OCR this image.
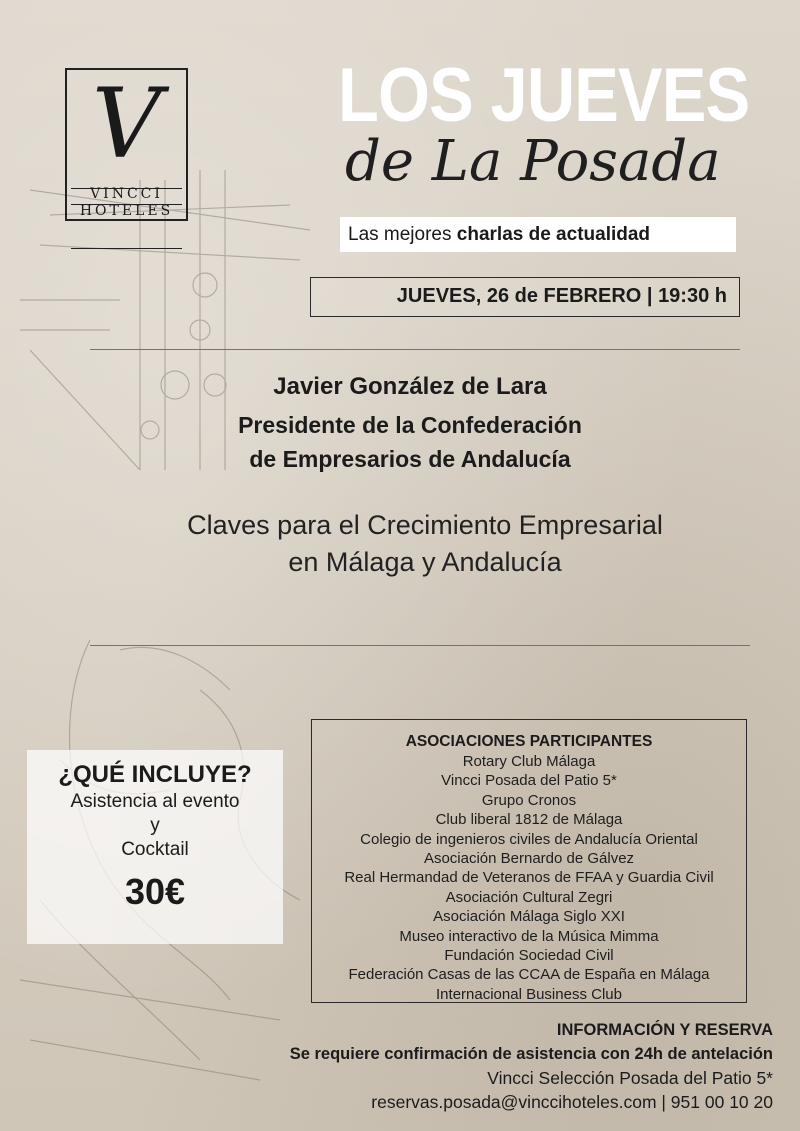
V
VINCCI
HOTELES
LOS JUEVES
de La Posada
Las mejores charlas de actualidad
JUEVES, 26 de FEBRERO | 19:30 h
Javier González de Lara
Presidente de la Confederación
de Empresarios de Andalucía
Claves para el Crecimiento Empresarial
en Málaga y Andalucía
¿QUÉ INCLUYE?
Asistencia al evento
y
Cocktail
30€
ASOCIACIONES PARTICIPANTES
Rotary Club Málaga
Vincci Posada del Patio 5*
Grupo Cronos
Club liberal 1812 de Málaga
Colegio de ingenieros civiles de Andalucía Oriental
Asociación Bernardo de Gálvez
Real Hermandad de Veteranos de FFAA y Guardia Civil
Asociación Cultural Zegri
Asociación Málaga Siglo XXI
Museo interactivo de la Música Mimma
Fundación Sociedad Civil
Federación Casas de las CCAA de España en Málaga
Internacional Business Club
INFORMACIÓN Y RESERVA
Se requiere confirmación de asistencia con 24h de antelación
Vincci Selección Posada del Patio 5*
reservas.posada@vinccihoteles.com | 951 00 10 20
